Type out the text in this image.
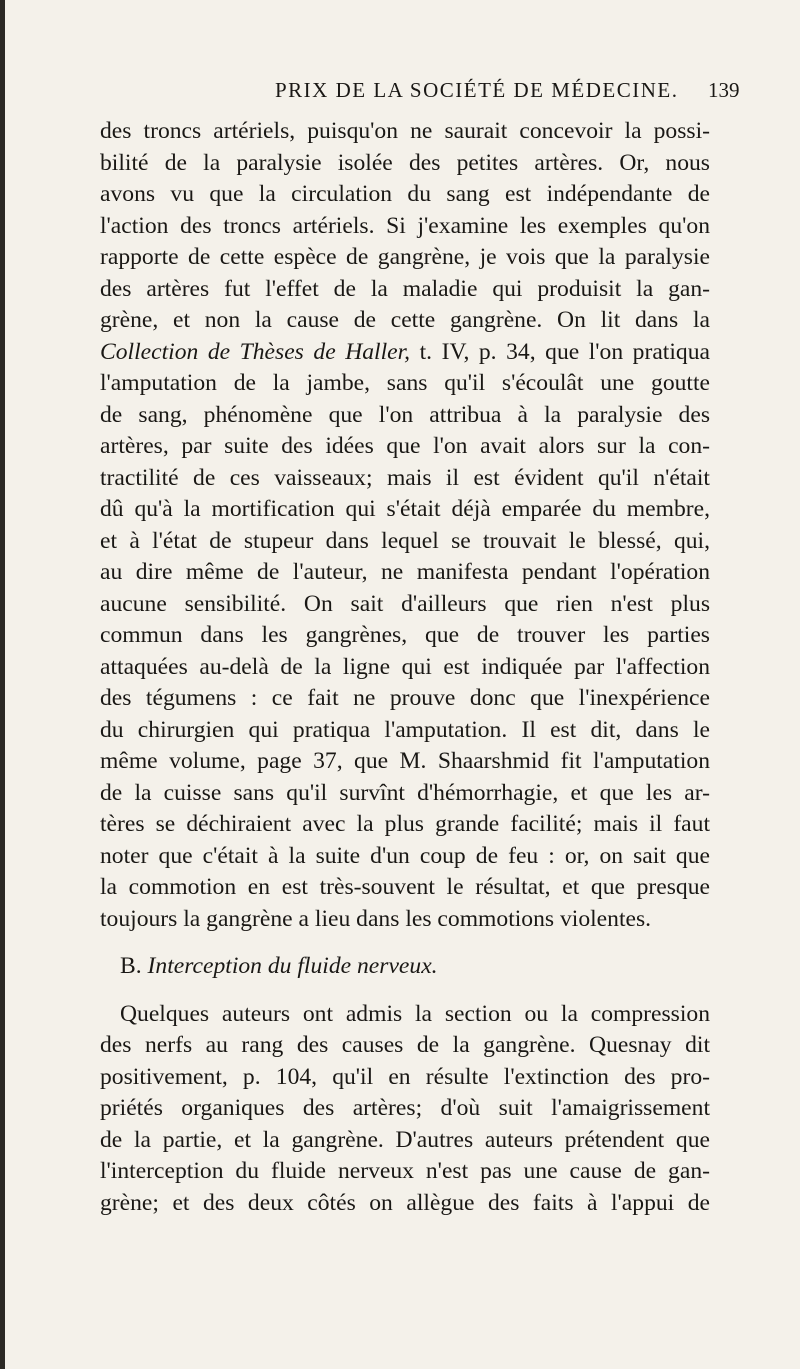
PRIX DE LA SOCIÉTÉ DE MÉDECINE. 139
des troncs artériels, puisqu'on ne saurait concevoir la possi-
bilité de la paralysie isolée des petites artères. Or, nous
avons vu que la circulation du sang est indépendante de
l'action des troncs artériels. Si j'examine les exemples qu'on
rapporte de cette espèce de gangrène, je vois que la paralysie
des artères fut l'effet de la maladie qui produisit la gan-
grène, et non la cause de cette gangrène. On lit dans la
Collection de Thèses de Haller, t. IV, p. 34, que l'on pratiqua
l'amputation de la jambe, sans qu'il s'écoulât une goutte
de sang, phénomène que l'on attribua à la paralysie des
artères, par suite des idées que l'on avait alors sur la con-
tractilité de ces vaisseaux; mais il est évident qu'il n'était
dû qu'à la mortification qui s'était déjà emparée du membre,
et à l'état de stupeur dans lequel se trouvait le blessé, qui,
au dire même de l'auteur, ne manifesta pendant l'opération
aucune sensibilité. On sait d'ailleurs que rien n'est plus
commun dans les gangrènes, que de trouver les parties
attaquées au-delà de la ligne qui est indiquée par l'affection
des tégumens : ce fait ne prouve donc que l'inexpérience
du chirurgien qui pratiqua l'amputation. Il est dit, dans le
même volume, page 37, que M. Shaarshmid fit l'amputation
de la cuisse sans qu'il survînt d'hémorrhagie, et que les ar-
tères se déchiraient avec la plus grande facilité; mais il faut
noter que c'était à la suite d'un coup de feu : or, on sait que
la commotion en est très-souvent le résultat, et que presque
toujours la gangrène a lieu dans les commotions violentes.
B. Interception du fluide nerveux.
Quelques auteurs ont admis la section ou la compression
des nerfs au rang des causes de la gangrène. Quesnay dit
positivement, p. 104, qu'il en résulte l'extinction des pro-
priétés organiques des artères; d'où suit l'amaigrissement
de la partie, et la gangrène. D'autres auteurs prétendent que
l'interception du fluide nerveux n'est pas une cause de gan-
grène; et des deux côtés on allègue des faits à l'appui de
